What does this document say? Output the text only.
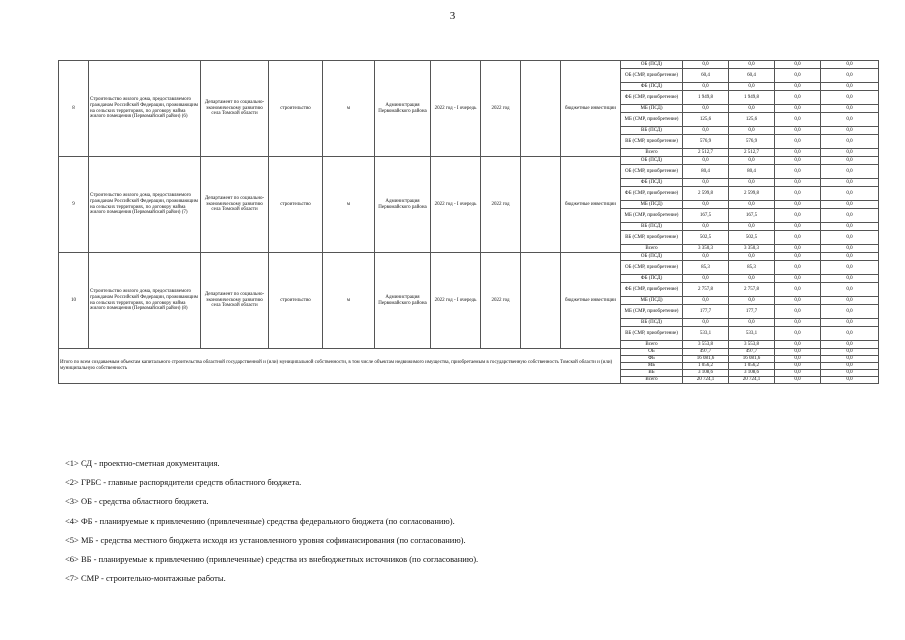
3
8	Строительство жилого дома, предоставляемого гражданам Российской Федерации, проживающим на сельских территориях, по договору найма жилого помещения (Первомайский район) (6)	Департамент по социально-экономическому развитию села Томской области	строительство	м	Администрация Первомайского района	2022 год - I очередь	2022 год		бюджетные инвестиции	ОБ (ПСД)	0,0	0,0	0,0	0,0
										ОБ (СМР, приобретение)	60,4	60,4	0,0	0,0
										ФБ (ПСД)	0,0	0,0	0,0	0,0
										ФБ (СМР, приобретение)	1 949,8	1 949,8	0,0	0,0
										МБ (ПСД)	0,0	0,0	0,0	0,0
										МБ (СМР, приобретение)	125,6	125,6	0,0	0,0
										ВБ (ПСД)	0,0	0,0	0,0	0,0
										ВБ (СМР, приобретение)	576,9	576,9	0,0	0,0
										Всего	2 512,7	2 512,7	0,0	0,0
9	Строительство жилого дома, предоставляемого гражданам Российской Федерации, проживающим на сельских территориях, по договору найма жилого помещения (Первомайский район) (7)	Департамент по социально-экономическому развитию села Томской области	строительство	м	Администрация Первомайского района	2022 год - I очередь	2022 год		бюджетные инвестиции	ОБ (ПСД)	0,0	0,0	0,0	0,0
										ОБ (СМР, приобретение)	80,4	80,4	0,0	0,0
										ФБ (ПСД)	0,0	0,0	0,0	0,0
										ФБ (СМР, приобретение)	2 599,8	2 599,8	0,0	0,0
										МБ (ПСД)	0,0	0,0	0,0	0,0
										МБ (СМР, приобретение)	167,5	167,5	0,0	0,0
										ВБ (ПСД)	0,0	0,0	0,0	0,0
										ВБ (СМР, приобретение)	502,5	502,5	0,0	0,0
										Всего	3 350,3	3 350,3	0,0	0,0
10	Строительство жилого дома, предоставляемого гражданам Российской Федерации, проживающим на сельских территориях, по договору найма жилого помещения (Первомайский район) (8)	Департамент по социально-экономическому развитию села Томской области	строительство	м	Администрация Первомайского района	2022 год - I очередь	2022 год		бюджетные инвестиции	ОБ (ПСД)	0,0	0,0	0,0	0,0
										ОБ (СМР, приобретение)	85,3	85,3	0,0	0,0
										ФБ (ПСД)	0,0	0,0	0,0	0,0
										ФБ (СМР, приобретение)	2 757,8	2 757,8	0,0	0,0
										МБ (ПСД)	0,0	0,0	0,0	0,0
										МБ (СМР, приобретение)	177,7	177,7	0,0	0,0
										ВБ (ПСД)	0,0	0,0	0,0	0,0
										ВБ (СМР, приобретение)	533,1	533,1	0,0	0,0
										Всего	3 553,8	3 553,8	0,0	0,0
Итого по всем создаваемым объектам капитального строительства областной государственной и (или) муниципальной собственности, в том числе объектам недвижимого имущества, приобретаемым в государственную собственность Томской области и (или) муниципальную собственность										ОБ	497,7	497,7	0,0	0,0
										ФБ	16 081,6	16 081,6	0,0	0,0
										МБ	1 056,2	1 056,2	0,0	0,0
										ВБ	3 108,6	3 108,6	0,0	0,0
										Всего	20 724,1	20 724,1	0,0	0,0
<1> СД - проектно-сметная документация.
<2> ГРБС - главные распорядители средств областного бюджета.
<3> ОБ - средства областного бюджета.
<4> ФБ - планируемые к привлечению (привлеченные) средства федерального бюджета (по согласованию).
<5> МБ - средства местного бюджета исходя из установленного уровня софинансирования (по согласованию).
<6> ВБ - планируемые к привлечению (привлеченные) средства из внебюджетных источников (по согласованию).
<7> СМР - строительно-монтажные работы.
